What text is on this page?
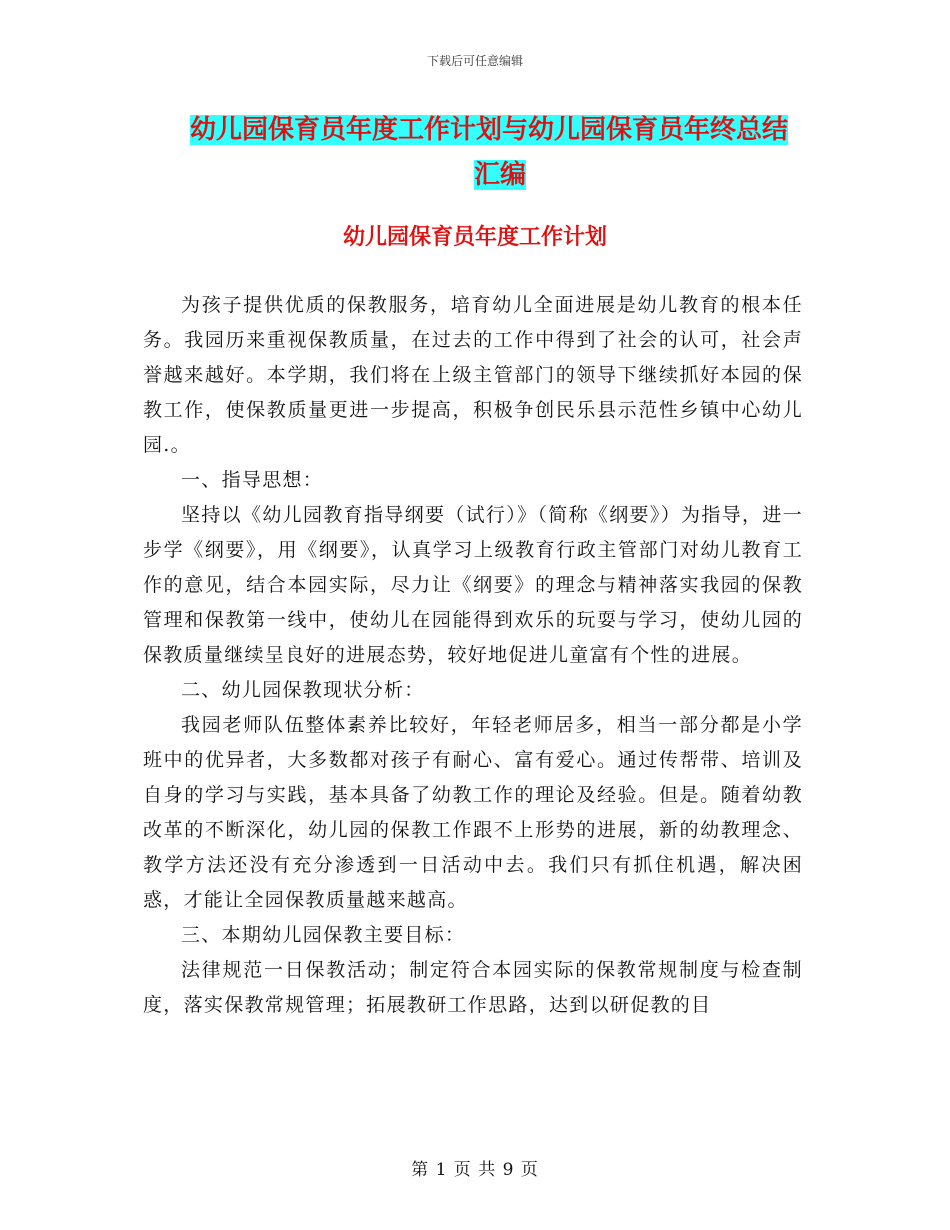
下载后可任意编辑
幼儿园保育员年度工作计划与幼儿园保育员年终总结
汇编
幼儿园保育员年度工作计划

为孩子提供优质的保教服务，培育幼儿全面进展是幼儿教育的根本任务。我园历来重视保教质量，在过去的工作中得到了社会的认可，社会声誉越来越好。本学期，我们将在上级主管部门的领导下继续抓好本园的保教工作，使保教质量更进一步提高，积极争创民乐县示范性乡镇中心幼儿园.。

一、指导思想：

坚持以《幼儿园教育指导纲要（试行）》（简称《纲要》）为指导，进一步学《纲要》，用《纲要》，认真学习上级教育行政主管部门对幼儿教育工作的意见，结合本园实际，尽力让《纲要》的理念与精神落实我园的保教管理和保教第一线中，使幼儿在园能得到欢乐的玩耍与学习，使幼儿园的保教质量继续呈良好的进展态势，较好地促进儿童富有个性的进展。

二、幼儿园保教现状分析：

我园老师队伍整体素养比较好，年轻老师居多，相当一部分都是小学班中的优异者，大多数都对孩子有耐心、富有爱心。通过传帮带、培训及自身的学习与实践，基本具备了幼教工作的理论及经验。但是。随着幼教改革的不断深化，幼儿园的保教工作跟不上形势的进展，新的幼教理念、教学方法还没有充分渗透到一日活动中去。我们只有抓住机遇，解决困惑，才能让全园保教质量越来越高。

三、本期幼儿园保教主要目标：

法律规范一日保教活动；制定符合本园实际的保教常规制度与检查制度，落实保教常规管理；拓展教研工作思路，达到以研促教的目

第 1 页 共 9 页
